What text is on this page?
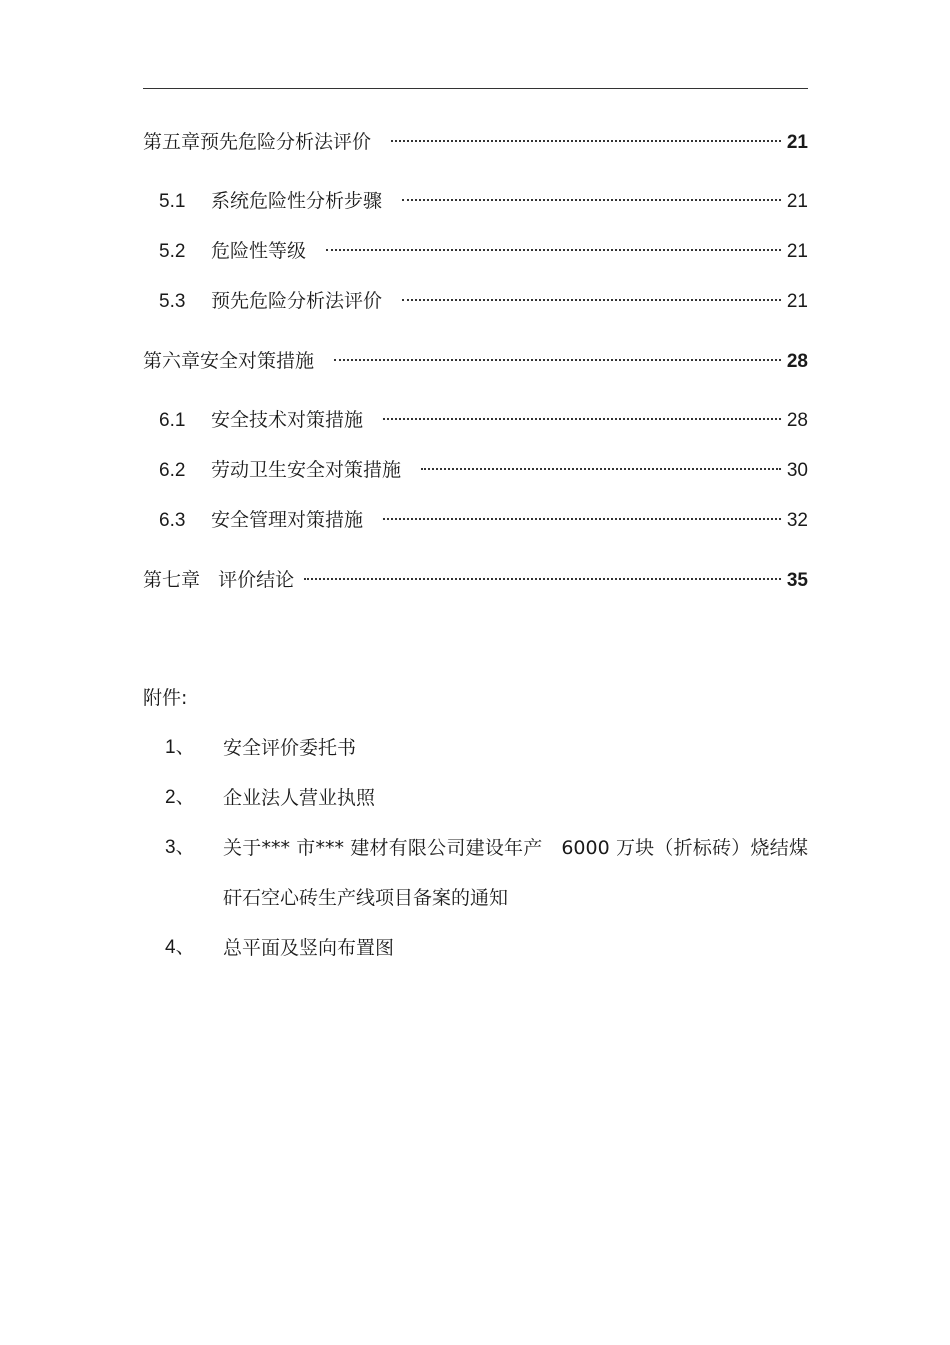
第五章预先危险分析法评价	21
5.1	系统危险性分析步骤	21
5.2	危险性等级	21
5.3	预先危险分析法评价	21
第六章安全对策措施	28
6.1	安全技术对策措施	28
6.2	劳动卫生安全对策措施	30
6.3	安全管理对策措施	32
第七章   评价结论	35
附件:
1、 安全评价委托书
2、 企业法人营业执照
3、 关于*** 市*** 建材有限公司建设年产   6000 万块（折标砖）烧结煤矸石空心砖生产线项目备案的通知
4、 总平面及竖向布置图
